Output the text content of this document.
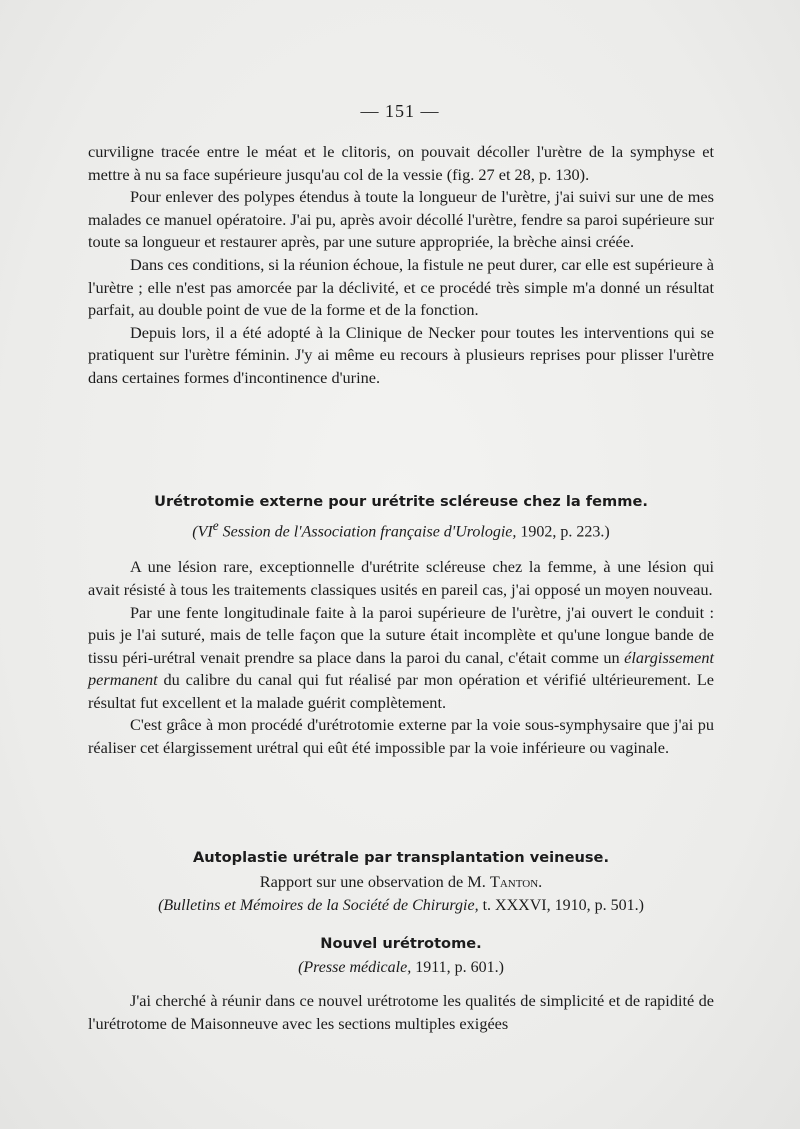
— 151 —

curviligne tracée entre le méat et le clitoris, on pouvait décoller l'urètre de la symphyse et mettre à nu sa face supérieure jusqu'au col de la vessie (fig. 27 et 28, p. 130).

Pour enlever des polypes étendus à toute la longueur de l'urètre, j'ai suivi sur une de mes malades ce manuel opératoire. J'ai pu, après avoir décollé l'urètre, fendre sa paroi supérieure sur toute sa longueur et restaurer après, par une suture appropriée, la brèche ainsi créée.

Dans ces conditions, si la réunion échoue, la fistule ne peut durer, car elle est supérieure à l'urètre ; elle n'est pas amorcée par la déclivité, et ce procédé très simple m'a donné un résultat parfait, au double point de vue de la forme et de la fonction.

Depuis lors, il a été adopté à la Clinique de Necker pour toutes les interventions qui se pratiquent sur l'urètre féminin. J'y ai même eu recours à plusieurs reprises pour plisser l'urètre dans certaines formes d'incontinence d'urine.

Urétrotomie externe pour urétrite scléreuse chez la femme.

(VIe Session de l'Association française d'Urologie, 1902, p. 223.)

A une lésion rare, exceptionnelle d'urétrite scléreuse chez la femme, à une lésion qui avait résisté à tous les traitements classiques usités en pareil cas, j'ai opposé un moyen nouveau.

Par une fente longitudinale faite à la paroi supérieure de l'urètre, j'ai ouvert le conduit : puis je l'ai suturé, mais de telle façon que la suture était incomplète et qu'une longue bande de tissu péri-urétral venait prendre sa place dans la paroi du canal, c'était comme un élargissement permanent du calibre du canal qui fut réalisé par mon opération et vérifié ultérieurement. Le résultat fut excellent et la malade guérit complètement.

C'est grâce à mon procédé d'urétrotomie externe par la voie sous-symphysaire que j'ai pu réaliser cet élargissement urétral qui eût été impossible par la voie inférieure ou vaginale.

Autoplastie urétrale par transplantation veineuse.

Rapport sur une observation de M. Tanton.

(Bulletins et Mémoires de la Société de Chirurgie, t. XXXVI, 1910, p. 501.)

Nouvel urétrotome.

(Presse médicale, 1911, p. 601.)

J'ai cherché à réunir dans ce nouvel urétrotome les qualités de simplicité et de rapidité de l'urétrotome de Maisonneuve avec les sections multiples exigées
